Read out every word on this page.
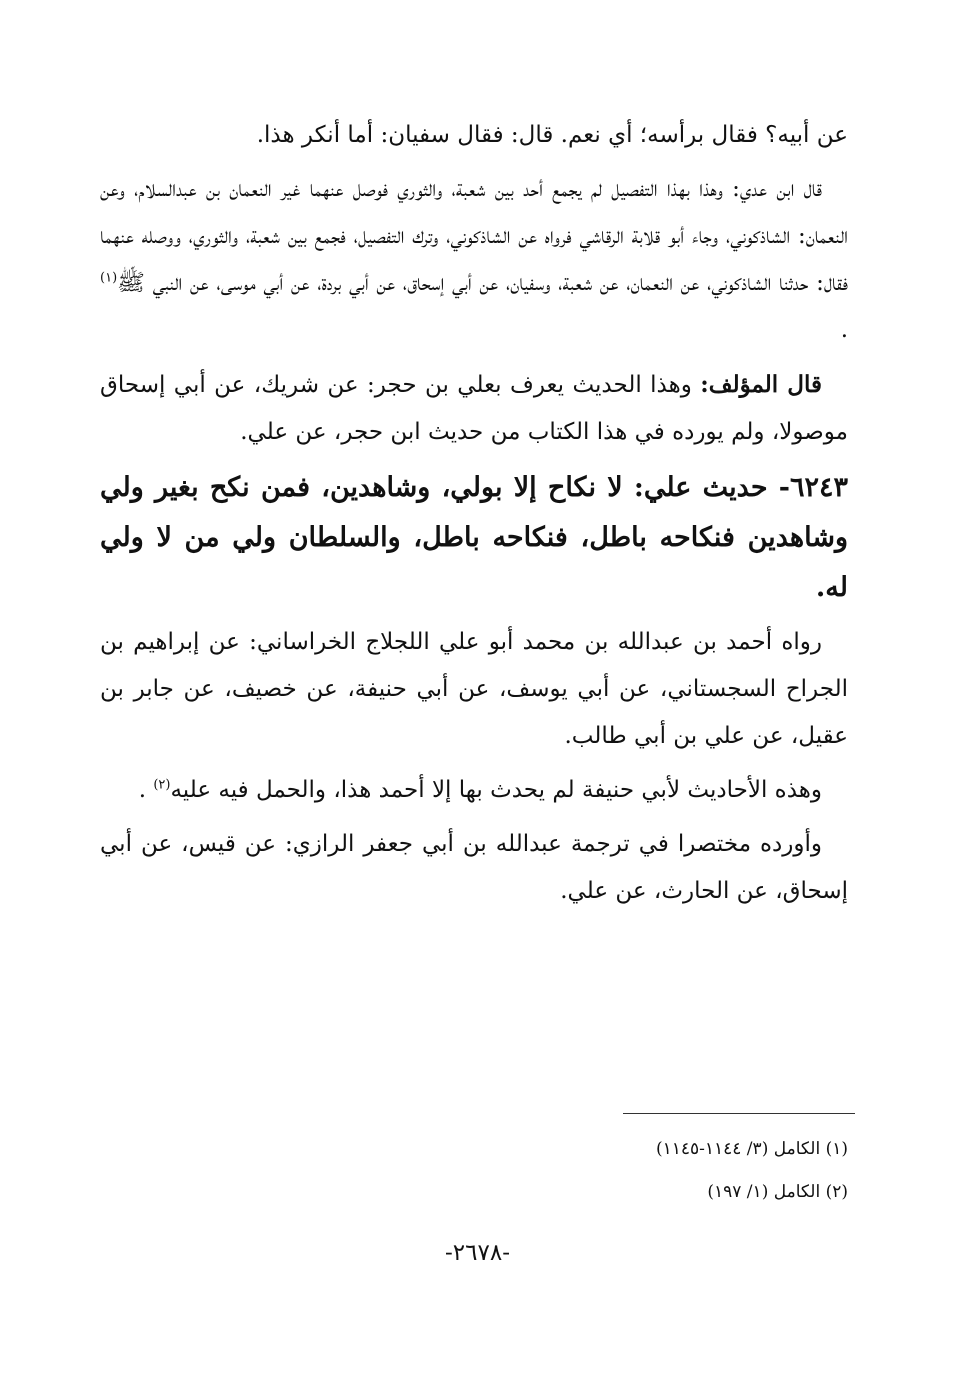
عن أبيه؟ فقال برأسه؛ أي نعم. قال: فقال سفيان: أما أنكر هذا.

قال ابن عدي: وهذا بهذا التفصيل لم يجمع أحد بين شعبة، والثوري فوصل عنهما غير النعمان بن عبدالسلام، وعن النعمان: الشاذكوني، وجاء أبو قلابة الرقاشي فرواه عن الشاذكوني، وترك التفصيل، فجمع بين شعبة، والثوري، ووصله عنهما فقال: حدثنا الشاذكوني، عن النعمان، عن شعبة، وسفيان، عن أبي إسحاق، عن أبي بردة، عن أبي موسى، عن النبي ﷺ$^{(١)}$ .

قال المؤلف: وهذا الحديث يعرف بعلي بن حجر: عن شريك، عن أبي إسحاق موصولا، ولم يورده في هذا الكتاب من حديث ابن حجر، عن علي.

٦٢٤٣- حديث علي: لا نكاح إلا بولي، وشاهدين، فمن نكح بغير ولي وشاهدين فنكاحه باطل، فنكاحه باطل، والسلطان ولي من لا ولي له.

رواه أحمد بن عبدالله بن محمد أبو علي اللجلاج الخراساني: عن إبراهيم بن الجراح السجستاني، عن أبي يوسف، عن أبي حنيفة، عن خصيف، عن جابر بن عقيل، عن علي بن أبي طالب.

وهذه الأحاديث لأبي حنيفة لم يحدث بها إلا أحمد هذا، والحمل فيه عليه$^{(٢)}$ .

وأورده مختصرا في ترجمة عبدالله بن أبي جعفر الرازي: عن قيس، عن أبي إسحاق، عن الحارث، عن علي.

(١) الكامل (٣/ ١١٤٤-١١٤٥)
(٢) الكامل (١/ ١٩٧)
-٢٦٧٨-
